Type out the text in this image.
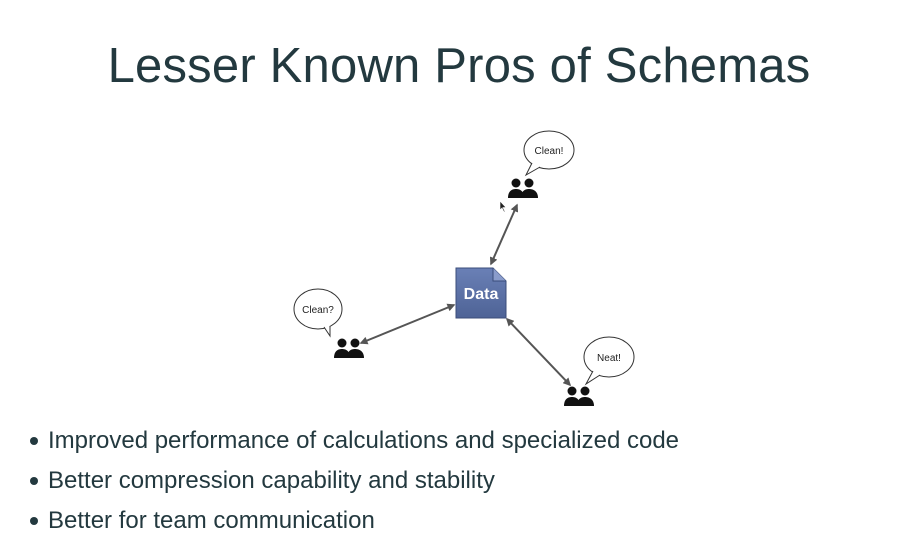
Lesser Known Pros of Schemas
Data
Clean!
Clean?
Neat!
Improved performance of calculations and specialized code
Better compression capability and stability
Better for team communication
